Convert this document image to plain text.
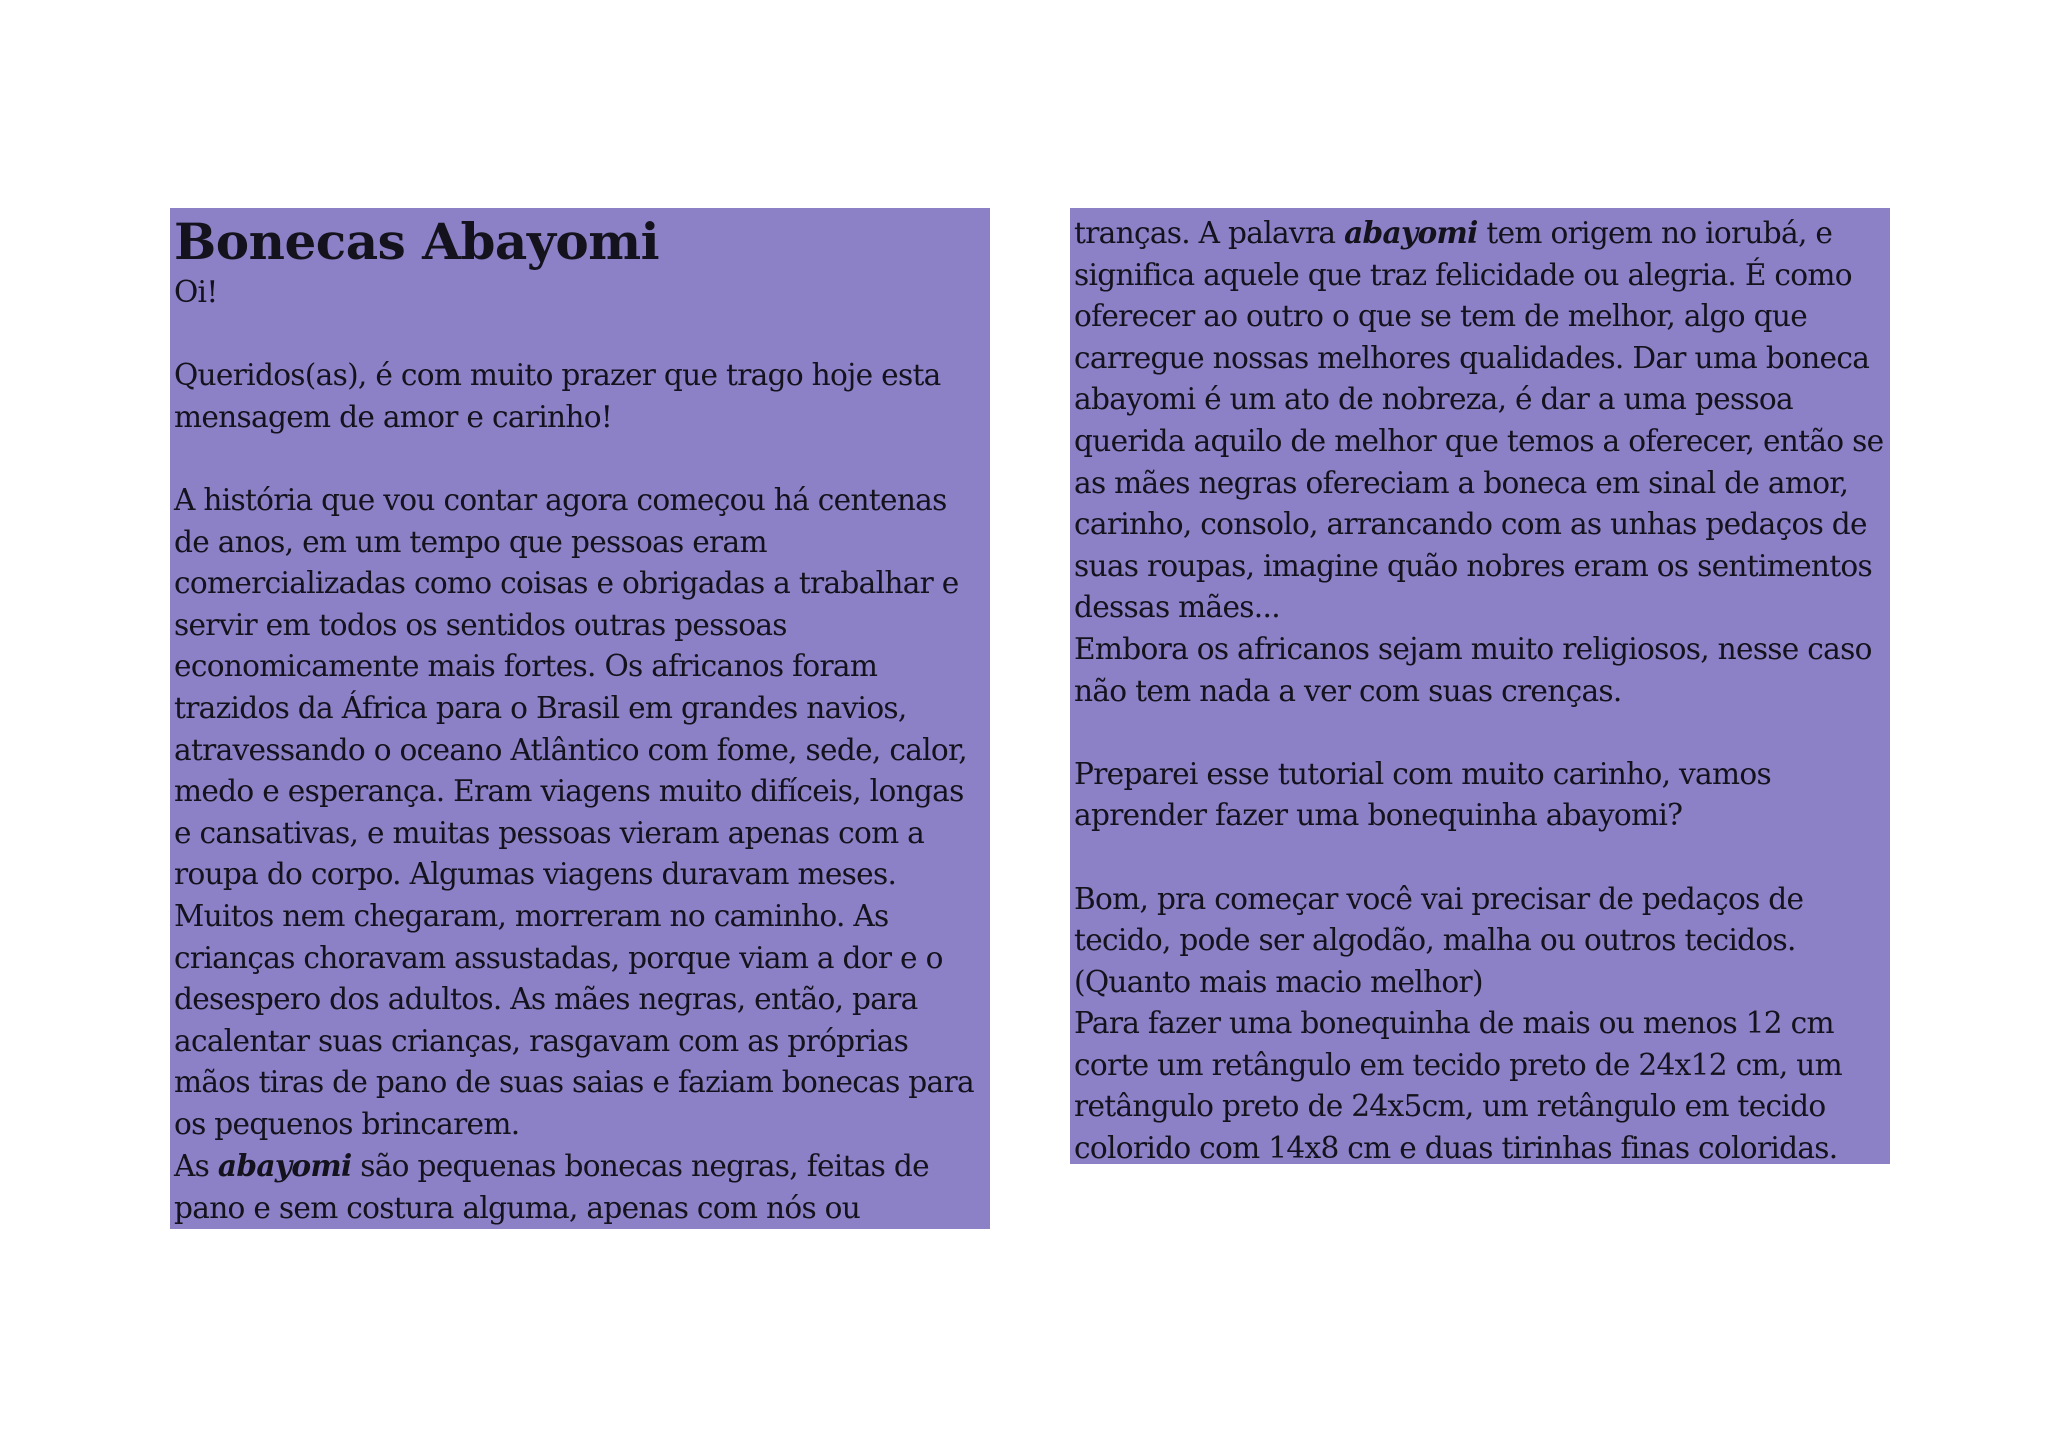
Bonecas Abayomi

Oi!

Queridos(as), é com muito prazer que trago hoje esta mensagem de amor e carinho!

A história que vou contar agora começou há centenas de anos, em um tempo que pessoas eram comercializadas como coisas e obrigadas a trabalhar e servir em todos os sentidos outras pessoas economicamente mais fortes. Os africanos foram trazidos da África para o Brasil em grandes navios, atravessando o oceano Atlântico com fome, sede, calor, medo e esperança. Eram viagens muito difíceis, longas e cansativas, e muitas pessoas vieram apenas com a roupa do corpo. Algumas viagens duravam meses. Muitos nem chegaram, morreram no caminho. As crianças choravam assustadas, porque viam a dor e o desespero dos adultos. As mães negras, então, para acalentar suas crianças, rasgavam com as próprias mãos tiras de pano de suas saias e faziam bonecas para os pequenos brincarem.

As abayomi são pequenas bonecas negras, feitas de pano e sem costura alguma, apenas com nós ou

tranças. A palavra abayomi tem origem no iorubá, e significa aquele que traz felicidade ou alegria. É como oferecer ao outro o que se tem de melhor, algo que carregue nossas melhores qualidades. Dar uma boneca abayomi é um ato de nobreza, é dar a uma pessoa querida aquilo de melhor que temos a oferecer, então se as mães negras ofereciam a boneca em sinal de amor, carinho, consolo, arrancando com as unhas pedaços de suas roupas, imagine quão nobres eram os sentimentos dessas mães...

Embora os africanos sejam muito religiosos, nesse caso não tem nada a ver com suas crenças.

Preparei esse tutorial com muito carinho, vamos aprender fazer uma bonequinha abayomi?

Bom, pra começar você vai precisar de pedaços de tecido, pode ser algodão, malha ou outros tecidos.

(Quanto mais macio melhor)

Para fazer uma bonequinha de mais ou menos 12 cm corte um retângulo em tecido preto de 24x12 cm, um retângulo preto de 24x5cm, um retângulo em tecido colorido com 14x8 cm e duas tirinhas finas coloridas.
